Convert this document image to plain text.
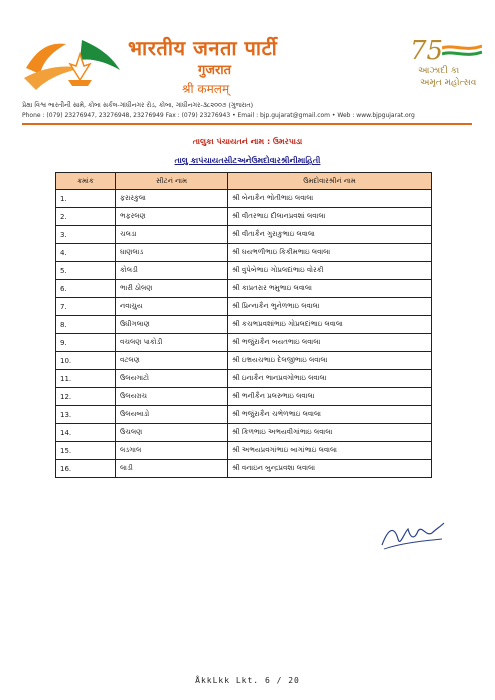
भारतीय जनता पार्टी
गुजरात
श्री कमलम्
75
આઝાદી કા
અમૃત મહોત્સવ
પ્રેક્ષા વિશ્વ ભારતીની સામે, કોબા સર્કલ-ગાંધીનગર રોડ, કોબા, ગાંધીનગર-૩૮૨૦૦૭ (ગુજરાત)
Phone : (079) 23276947, 23276948, 23276949 Fax : (079) 23276943 • Email : bjp.gujarat@gmail.com • Web : www.bjpgujarat.org
તાલુકા પંચાયતનં નામ : ઉમરપાડા
તાલુ કાપંચાયતસીટઅનેઉમદોવારશ્રીનીમાહિતી
ક્રમાંક	સીટનં નામ	ઉમદોવારશ્રીનં નામ
1.	ફરારકુલા	શ્રી બેનાકૈન ભોતીભાઇ લવાલા
2.	ભફરલણ	શ્રી વીતરભાઇ દીલાનપ્રવશાં લવાલા
3.	ચલડા	શ્રી વીતાકૈન ગુરાકુભાઇ લવાલા
4.	ઘાણલાડ	શ્રી ઘયભળીભાઇ કિકીમભાઇ લવાલા
5.	કોલડી	શ્રી વુપેબેભાઇ ગોપ્રલદાંભાઇ વોરકી
6.	ભારી ઠોલ઼ણ	શ્રી કાપ્રતરાર ભમુભાઇ લવાલા
7.	નવાચ઼ુય	શ્રી પ્રિન્નાકૈન ભુનેળભાઇ લવાલા
8.	ઉધીગલાણ	શ્રી કચભપ્રવશાંભાઇ ગોપ્રલદાંભાઇ લવાલા
9.	વચલણ પાકોડી	શ્રી ભજુંરાકૈન બયતભાઇ લવાલા
10.	વટલણ	શ્રી ઇભ્રયચભાઇ દેલજીભાઇ લવાલા
11.	ઉલયગાટો	શ્રી ઇનાકૈન ભાનપ્રવગોભાઇ લવાલા
12.	ઉલયગ્રચ	શ્રી ભનીકૈન પ્રલરુભાઇ લવાલા
13.	ઉલયબાડો	શ્રી ભજુંરાકૈન ચભેળભાઇ લવાલા
14.	ઉચલણ	શ્રી કિળભાઇ અભયવીગાંભાઇ લવાલા
15.	લડગાલ	શ્રી અભયપ્રવગાંભાઇ બાગાંભાઇ લવાલા
16.	લાડી	શ્રી વનાઇન બુન્દ્રપ્રવશા લવાલા
ÅkkLkk Lkt. 6 / 20
